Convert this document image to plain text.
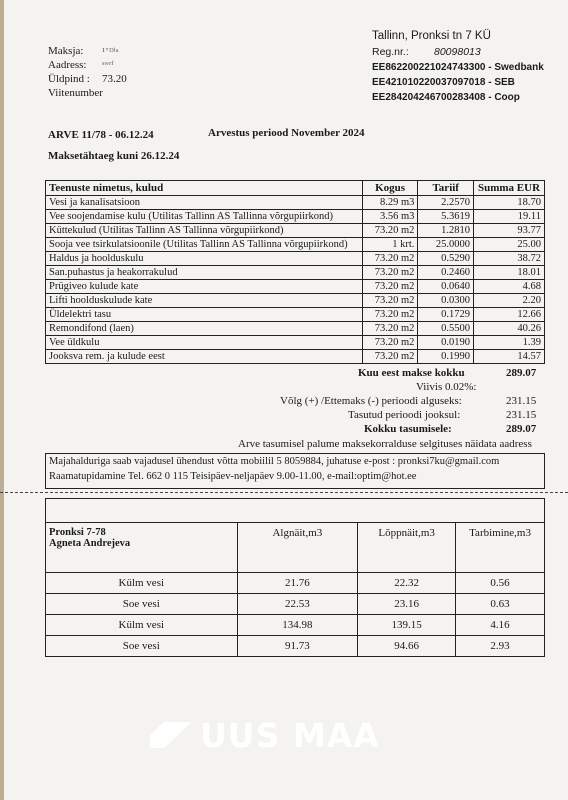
Maksja: ¹ʽᴰⁱᵃ
Aadress: ˢʷʳᶠ
Üldpind : 73.20
Viitenumber
Tallinn, Pronksi tn 7 KÜ
Reg.nr.: 80098013
EE862200221024743300 - Swedbank
EE421010220037097018 - SEB
EE284204246700283408 - Coop
ARVE 11/78 - 06.12.24	Arvestus periood November 2024
Maksetähtaeg kuni 26.12.24
Teenuste nimetus, kulud	Kogus	Tariif	Summa EUR
Vesi ja kanalisatsioon	8.29 m3	2.2570	18.70
Vee soojendamise kulu (Utilitas Tallinn AS Tallinna võrgupiirkond)	3.56 m3	5.3619	19.11
Küttekulud (Utilitas Tallinn AS Tallinna võrgupiirkond)	73.20 m2	1.2810	93.77
Sooja vee tsirkulatsioonile (Utilitas Tallinn AS Tallinna võrgupiirkond)	1 krt.	25.0000	25.00
Haldus ja hoolduskulu	73.20 m2	0.5290	38.72
San.puhastus ja heakorrakulud	73.20 m2	0.2460	18.01
Prügiveo kulude kate	73.20 m2	0.0640	4.68
Lifti hoolduskulude kate	73.20 m2	0.0300	2.20
Üldelektri tasu	73.20 m2	0.1729	12.66
Remondifond (laen)	73.20 m2	0.5500	40.26
Vee üldkulu	73.20 m2	0.0190	1.39
Jooksva rem. ja kulude eest	73.20 m2	0.1990	14.57
Kuu eest makse kokku	289.07
Viivis 0.02%:
Võlg (+) /Ettemaks (-) perioodi alguseks:	231.15
Tasutud perioodi jooksul:	231.15
Kokku tasumisele:	289.07
Arve tasumisel palume maksekorralduse selgituses näidata aadress
Majahalduriga saab vajadusel ühendust võtta mobiilil 5 8059884, juhatuse e-post : pronksi7ku@gmail.com
Raamatupidamine Tel. 662 0 115 Teisipäev-neljapäev 9.00-11.00, e-mail:optim@hot.ee
Pronksi 7-78
Agneta Andrejeva	Algnäit,m3	Lõppnäit,m3	Tarbimine,m3
Külm vesi	21.76	22.32	0.56
Soe vesi	22.53	23.16	0.63
Külm vesi	134.98	139.15	4.16
Soe vesi	91.73	94.66	2.93
UUS MAA
